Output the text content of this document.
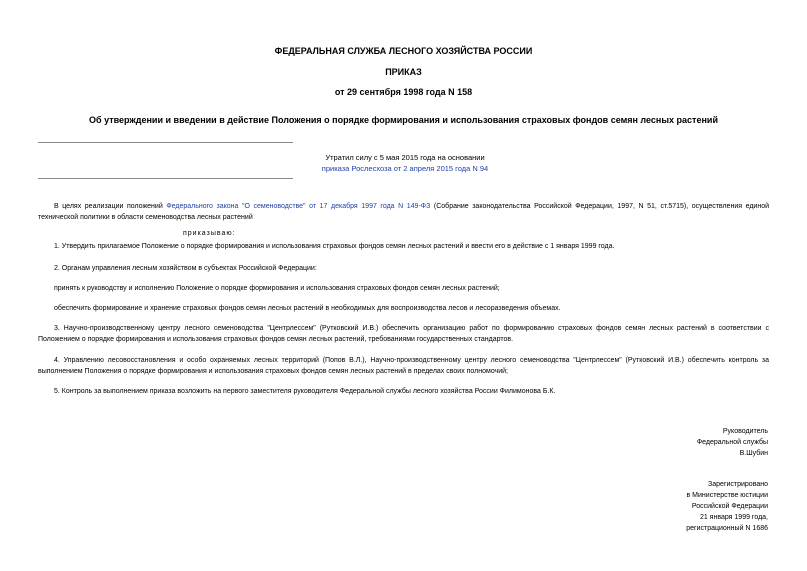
ФЕДЕРАЛЬНАЯ СЛУЖБА ЛЕСНОГО ХОЗЯЙСТВА РОССИИ
ПРИКАЗ
от 29 сентября 1998 года N 158
Об утверждении и введении в действие Положения о порядке формирования и использования страховых фондов семян лесных растений
Утратил силу с 5 мая 2015 года на основании
приказа Рослесхоза от 2 апреля 2015 года N 94
В целях реализации положений Федерального закона "О семеноводстве" от 17 декабря 1997 года N 149-ФЗ (Собрание законодательства Российской Федерации, 1997, N 51, ст.5715), осуществления единой технической политики в области семеноводства лесных растений
приказываю:
1. Утвердить прилагаемое Положение о порядке формирования и использования страховых фондов семян лесных растений и ввести его в действие с 1 января 1999 года.
2. Органам управления лесным хозяйством в субъектах Российской Федерации:
принять к руководству и исполнению Положение о порядке формирования и использования страховых фондов семян лесных растений;
обеспечить формирование и хранение страховых фондов семян лесных растений в необходимых для воспроизводства лесов и лесоразведения объемах.
3. Научно-производственному центру лесного семеноводства "Центрлессем" (Рутковский И.В.) обеспечить организацию работ по формированию страховых фондов семян лесных растений в соответствии с Положением о порядке формирования и использования страховых фондов семян лесных растений, требованиями государственных стандартов.
4. Управлению лесовосстановления и особо охраняемых лесных территорий (Попов В.Л.), Научно-производственному центру лесного семеноводства "Центрлессем" (Рутковский И.В.) обеспечить контроль за выполнением Положения о порядке формирования и использования страховых фондов семян лесных растений в пределах своих полномочий;
5. Контроль за выполнением приказа возложить на первого заместителя руководителя Федеральной службы лесного хозяйства России Филимонова Б.К.
Руководитель
Федеральной службы
В.Шубин
Зарегистрировано
в Министерстве юстиции
Российской Федерации
21 января 1999 года,
регистрационный N 1686
